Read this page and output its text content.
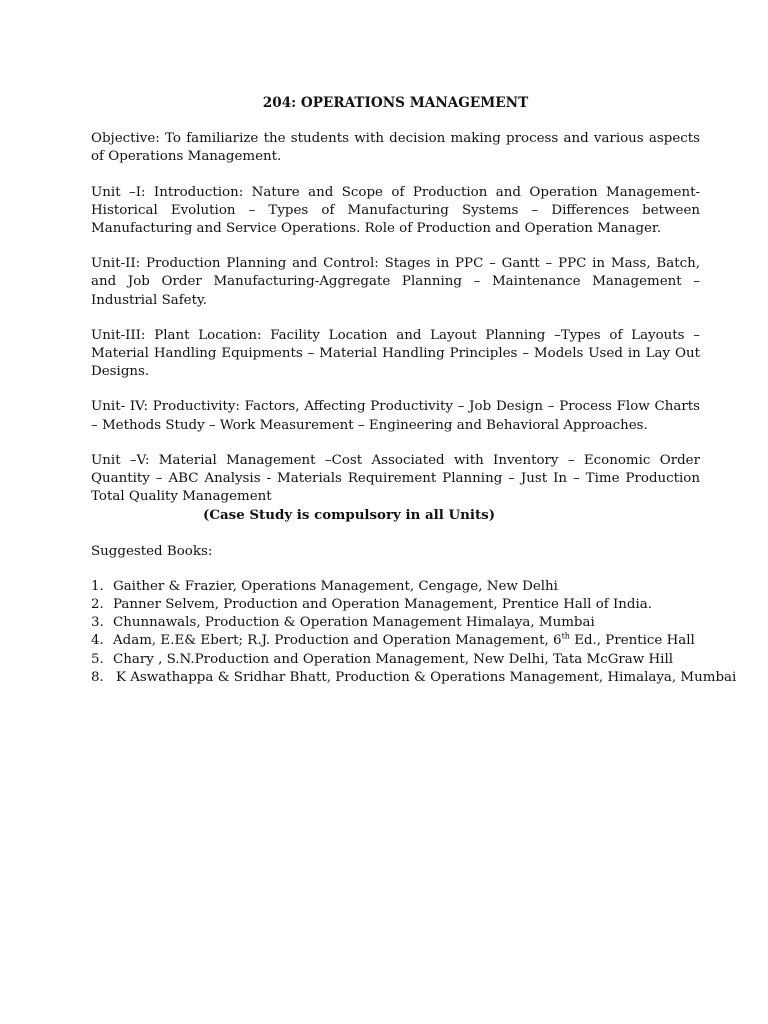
204: OPERATIONS MANAGEMENT
Objective: To familiarize the students with decision making process and various aspects of Operations Management.
Unit –I: Introduction: Nature and Scope of Production and Operation Management- Historical Evolution – Types of Manufacturing Systems – Differences between Manufacturing and Service Operations. Role of Production and Operation Manager.
Unit-II: Production Planning and Control: Stages in PPC – Gantt – PPC in Mass, Batch, and Job Order Manufacturing-Aggregate Planning – Maintenance Management – Industrial Safety.
Unit-III: Plant Location: Facility Location and Layout Planning –Types of Layouts – Material Handling Equipments – Material Handling Principles – Models Used in Lay Out Designs.
Unit- IV: Productivity: Factors, Affecting Productivity – Job Design – Process Flow Charts – Methods Study – Work Measurement – Engineering and Behavioral Approaches.
Unit –V: Material Management –Cost Associated with Inventory – Economic Order Quantity – ABC Analysis - Materials Requirement Planning – Just In – Time Production Total Quality Management
(Case Study is compulsory in all Units)
Suggested Books:
1. Gaither & Frazier, Operations Management, Cengage, New Delhi
2. Panner Selvem, Production and Operation Management, Prentice Hall of India.
3. Chunnawals, Production & Operation Management Himalaya, Mumbai
4. Adam, E.E& Ebert; R.J. Production and Operation Management, 6th Ed., Prentice Hall
5. Chary , S.N.Production and Operation Management, New Delhi, Tata McGraw Hill
8. K Aswathappa & Sridhar Bhatt, Production & Operations Management, Himalaya, Mumbai
